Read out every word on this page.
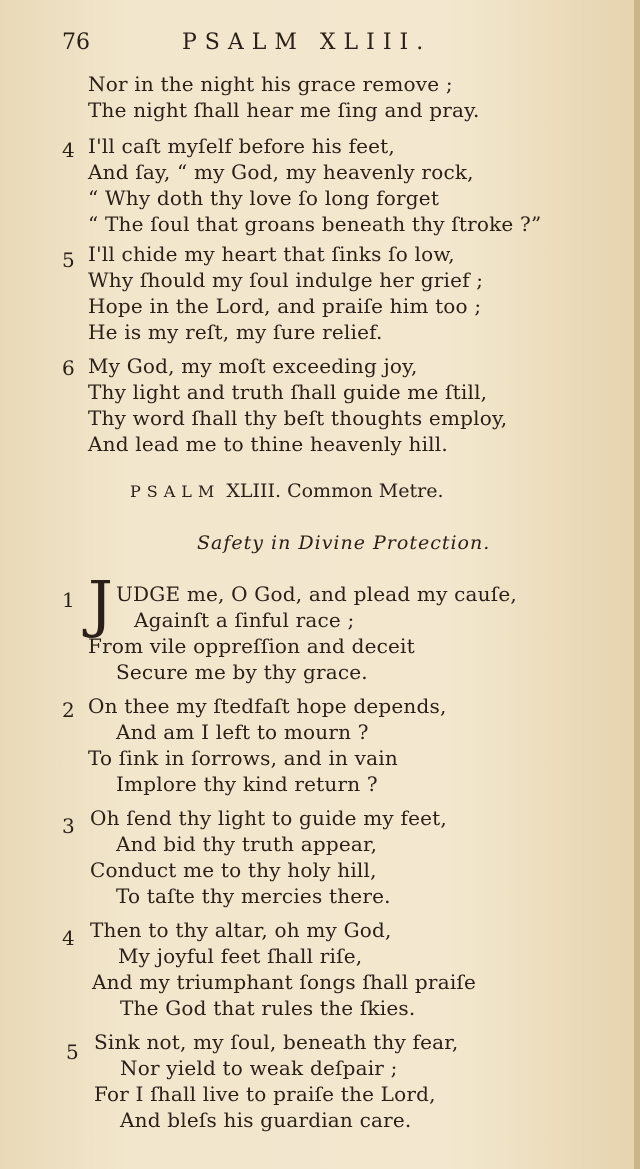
76	PSALM XLIII.
Nor in the night his grace remove ;
The night ſhall hear me ſing and pray.
4 I'll caſt myſelf before his feet,
And ſay, “ my God, my heavenly rock,
“ Why doth thy love ſo long forget
“ The ſoul that groans beneath thy ſtroke ?”
5 I'll chide my heart that ſinks ſo low,
Why ſhould my ſoul indulge her grief ;
Hope in the Lord, and praiſe him too ;
He is my reſt, my ſure relief.
6 My God, my moſt exceeding joy,
Thy light and truth ſhall guide me ſtill,
Thy word ſhall thy beſt thoughts employ,
And lead me to thine heavenly hill.
PSALM XLIII. Common Metre.
Safety in Divine Protection.
1 J UDGE me, O God, and plead my cauſe,
Againſt a ſinful race ;
From vile oppreſſion and deceit
Secure me by thy grace.
2 On thee my ſtedfaſt hope depends,
And am I left to mourn ?
To ſink in ſorrows, and in vain
Implore thy kind return ?
3 Oh ſend thy light to guide my feet,
And bid thy truth appear,
Conduct me to thy holy hill,
To taſte thy mercies there.
4 Then to thy altar, oh my God,
My joyful feet ſhall riſe,
And my triumphant ſongs ſhall praiſe
The God that rules the ſkies.
5 Sink not, my ſoul, beneath thy fear,
Nor yield to weak deſpair ;
For I ſhall live to praiſe the Lord,
And bleſs his guardian care.
